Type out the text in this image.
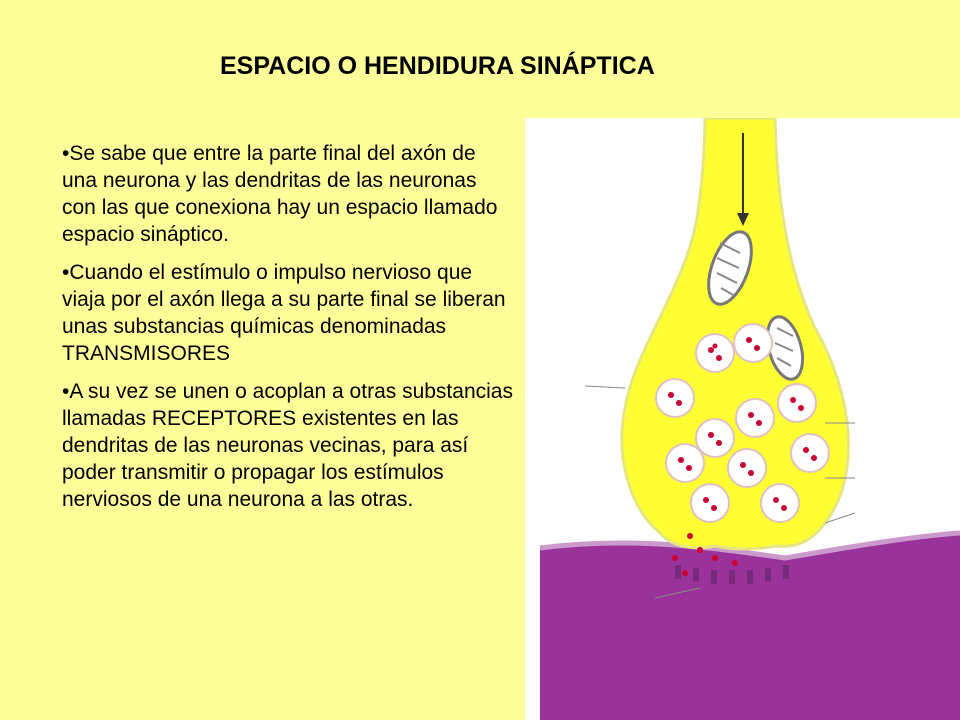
ESPACIO O HENDIDURA SINÁPTICA
• Se sabe que entre la parte final del axón de una neurona y las dendritas de las neuronas con las que conexiona hay un espacio llamado espacio sináptico.
• Cuando el estímulo o impulso nervioso que viaja por el axón llega a su parte final se liberan unas substancias químicas denominadas TRANSMISORES
• A su vez se unen o acoplan a otras substancias llamadas RECEPTORES existentes en las dendritas de las neuronas vecinas, para así poder transmitir o propagar los estímulos nerviosos de una neurona a las otras.
